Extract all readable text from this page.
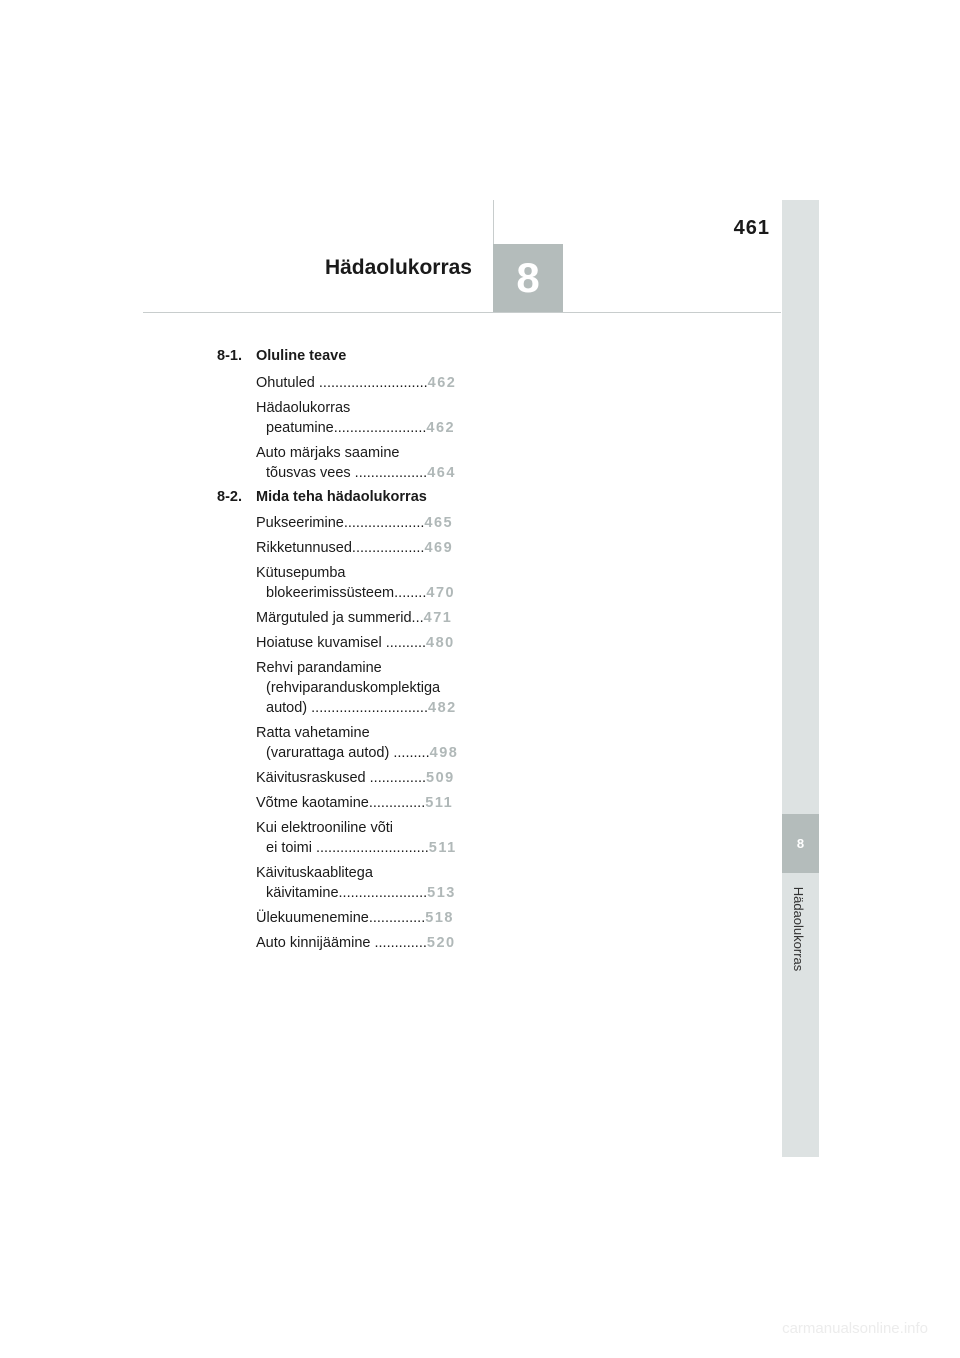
461
Hädaolukorras	8
8
Hädaolukorras
8-1. Oluline teave
Ohutuled ...........................462
Hädaolukorras
peatumine.......................462
Auto märjaks saamine
tõusvas vees ..................464
8-2. Mida teha hädaolukorras
Pukseerimine....................465
Rikketunnused..................469
Kütusepumba
blokeerimissüsteem........470
Märgutuled ja summerid...471
Hoiatuse kuvamisel ..........480
Rehvi parandamine
(rehviparanduskomplektiga
autod) .............................482
Ratta vahetamine
(varurattaga autod) .........498
Käivitusraskused ..............509
Võtme kaotamine..............511
Kui elektrooniline võti
ei toimi ............................511
Käivituskaablitega
käivitamine......................513
Ülekuumenemine..............518
Auto kinnijäämine .............520
carmanualsonline.info
